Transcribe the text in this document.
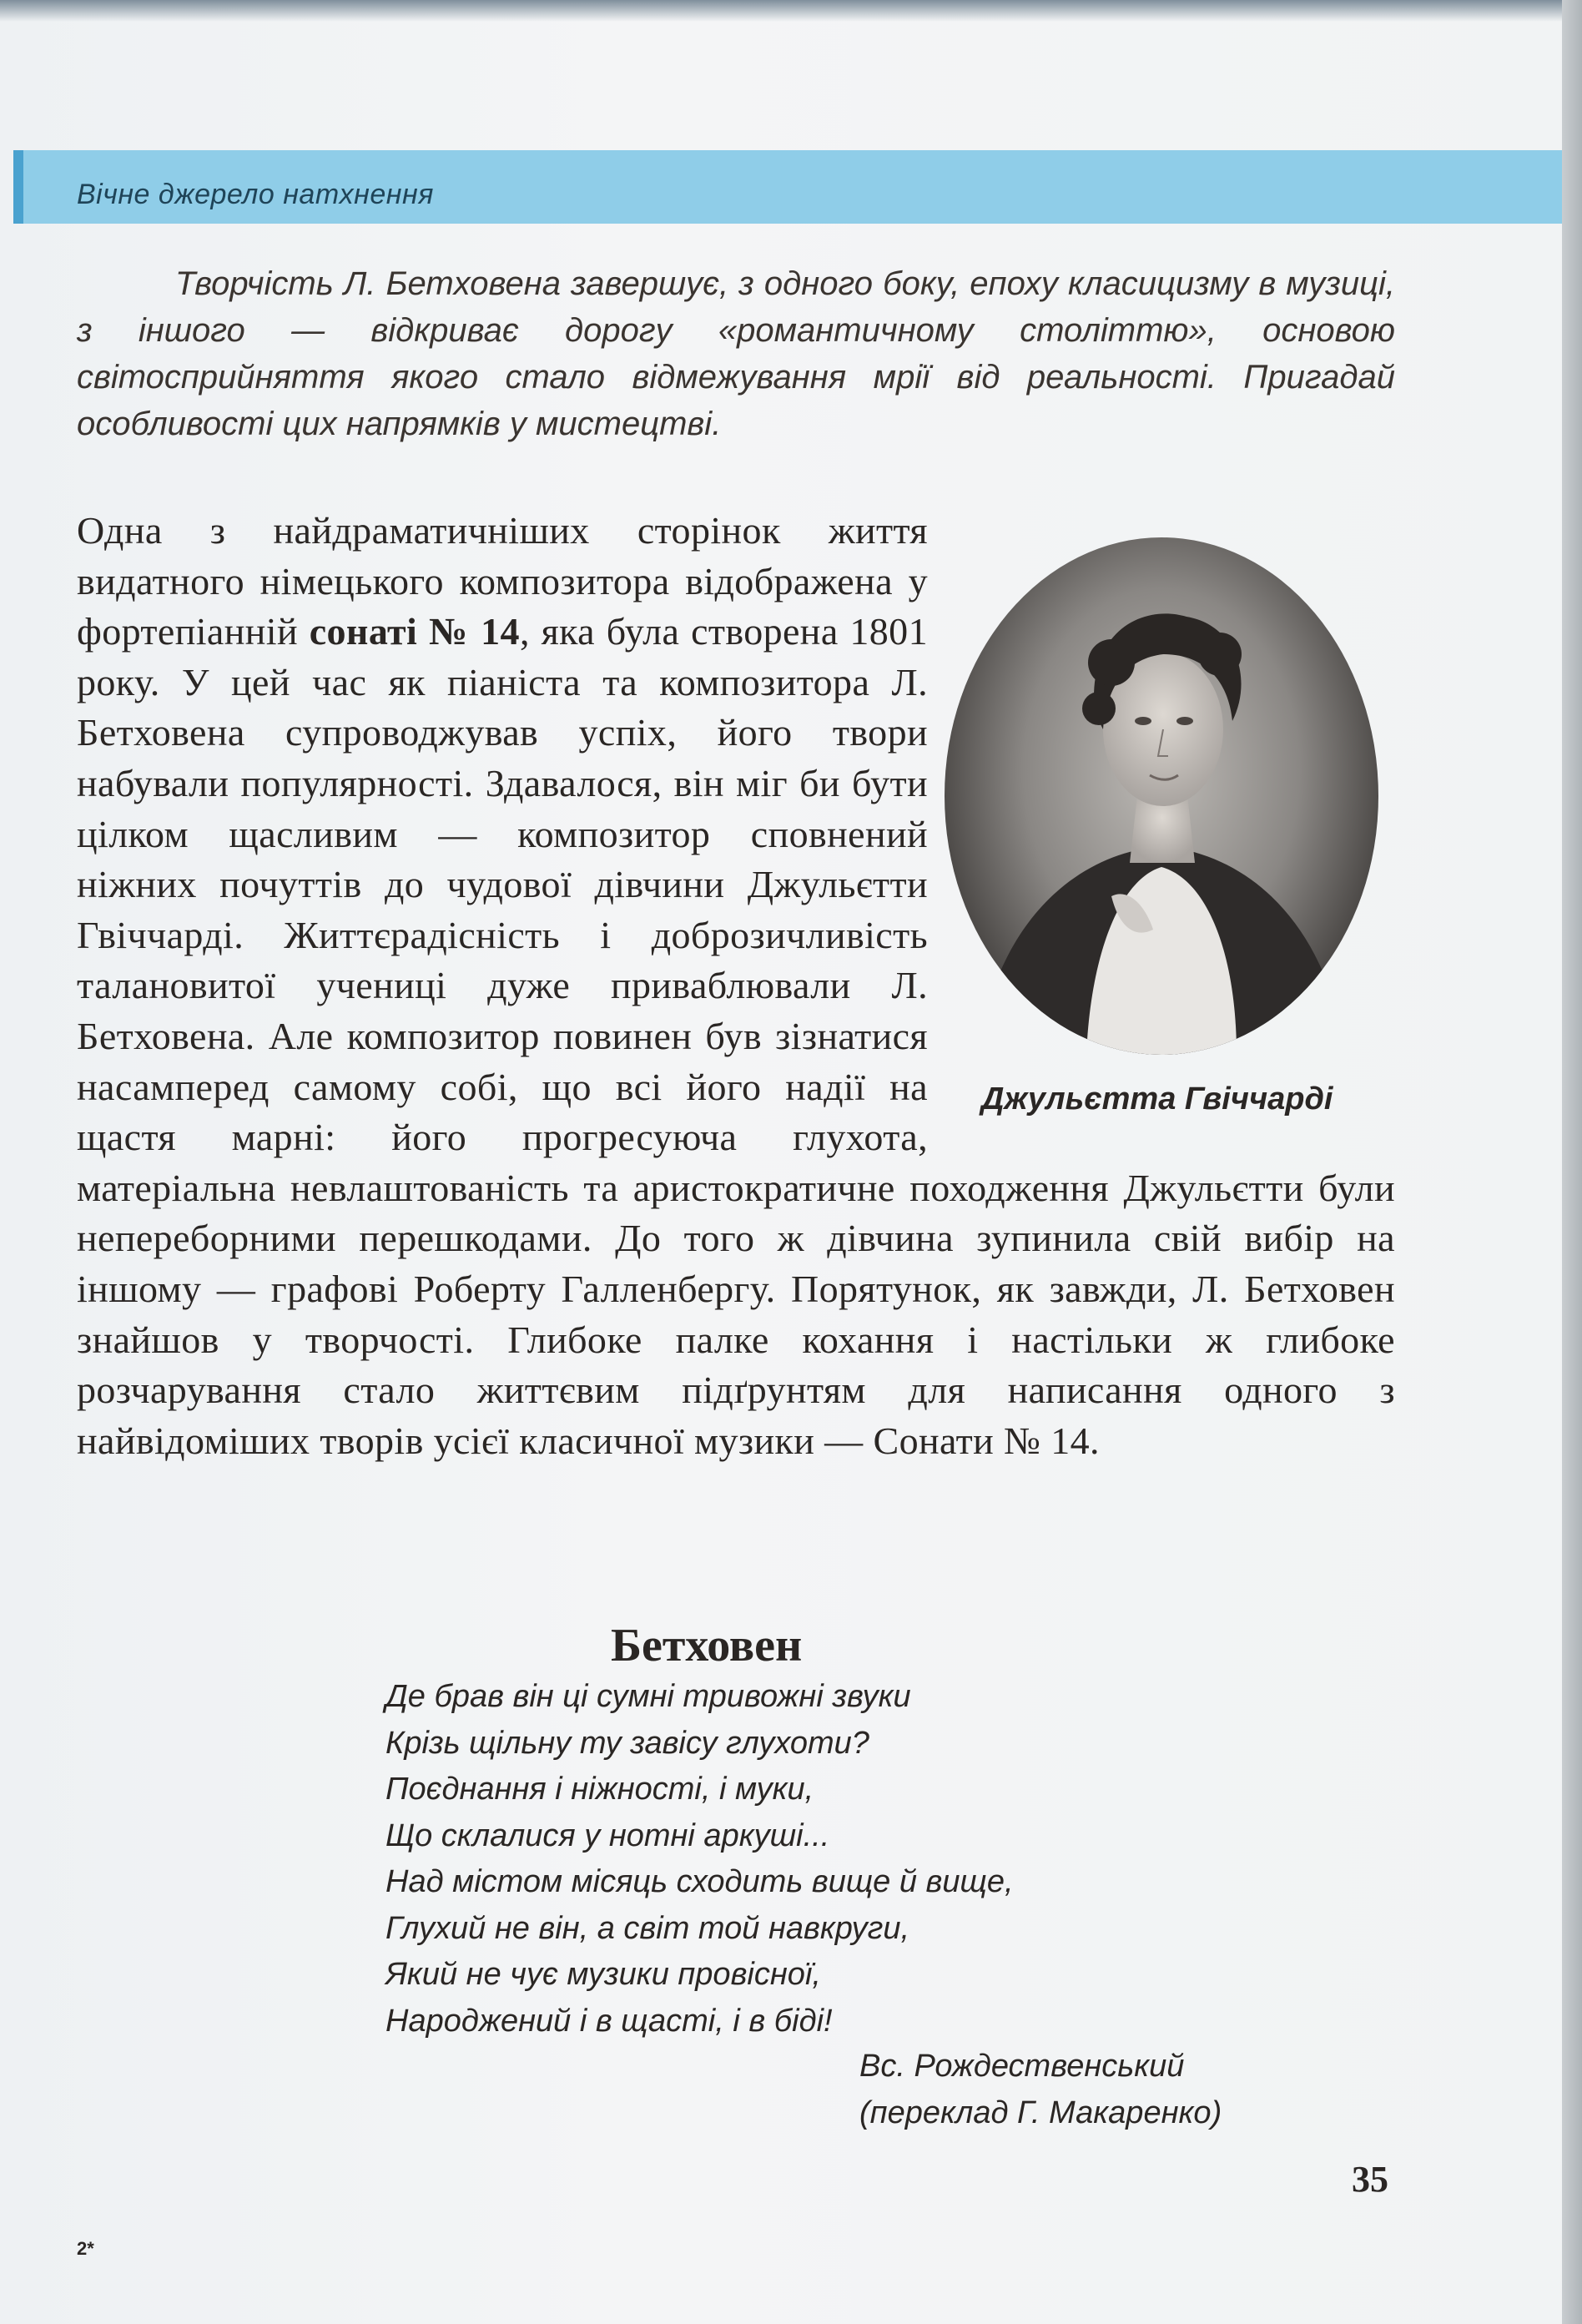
Вічне джерело натхнення

Творчість Л. Бетховена завершує, з одного боку, епоху класицизму в музиці, з іншого — відкриває дорогу «романтичному століттю», основою світосприйняття якого стало відмежування мрії від реальності. Пригадай особливості цих напрямків у мистецтві.

Одна з найдраматичніших сторінок життя видатного німецького композитора відображена у фортепіанній сонаті № 14, яка була створена 1801 року. У цей час як піаніста та композитора Л. Бетховена супроводжував успіх, його твори набували популярності. Здавалося, він міг би бути цілком щасливим — композитор сповнений ніжних почуттів до чудової дівчини Джульєтти Гвіччарді. Життєрадісність і доброзичливість талановитої учениці дуже приваблювали Л. Бетховена. Але композитор повинен був зізнатися насамперед самому собі, що всі його надії на щастя марні: його прогресуюча глухота, матеріальна невлаштованість та аристократичне походження Джульєтти були непереборними перешкодами. До того ж дівчина зупинила свій вибір на іншому — графові Роберту Галленбергу. Порятунок, як завжди, Л. Бетховен знайшов у творчості. Глибоке палке кохання і настільки ж глибоке розчарування стало життєвим підґрунтям для написання одного з найвідоміших творів усієї класичної музики — Сонати № 14.

Джульєтта Гвіччарді
Бетховен
Де брав він ці сумні тривожні звуки
Крізь щільну ту завісу глухоти?
Поєднання і ніжності, і муки,
Що склалися у нотні аркуші...
Над містом місяць сходить вище й вище,
Глухий не він, а світ той навкруги,
Який не чує музики провісної,
Народжений і в щасті, і в біді!
Вс. Рождественський
(переклад Г. Макаренко)
35
2*
